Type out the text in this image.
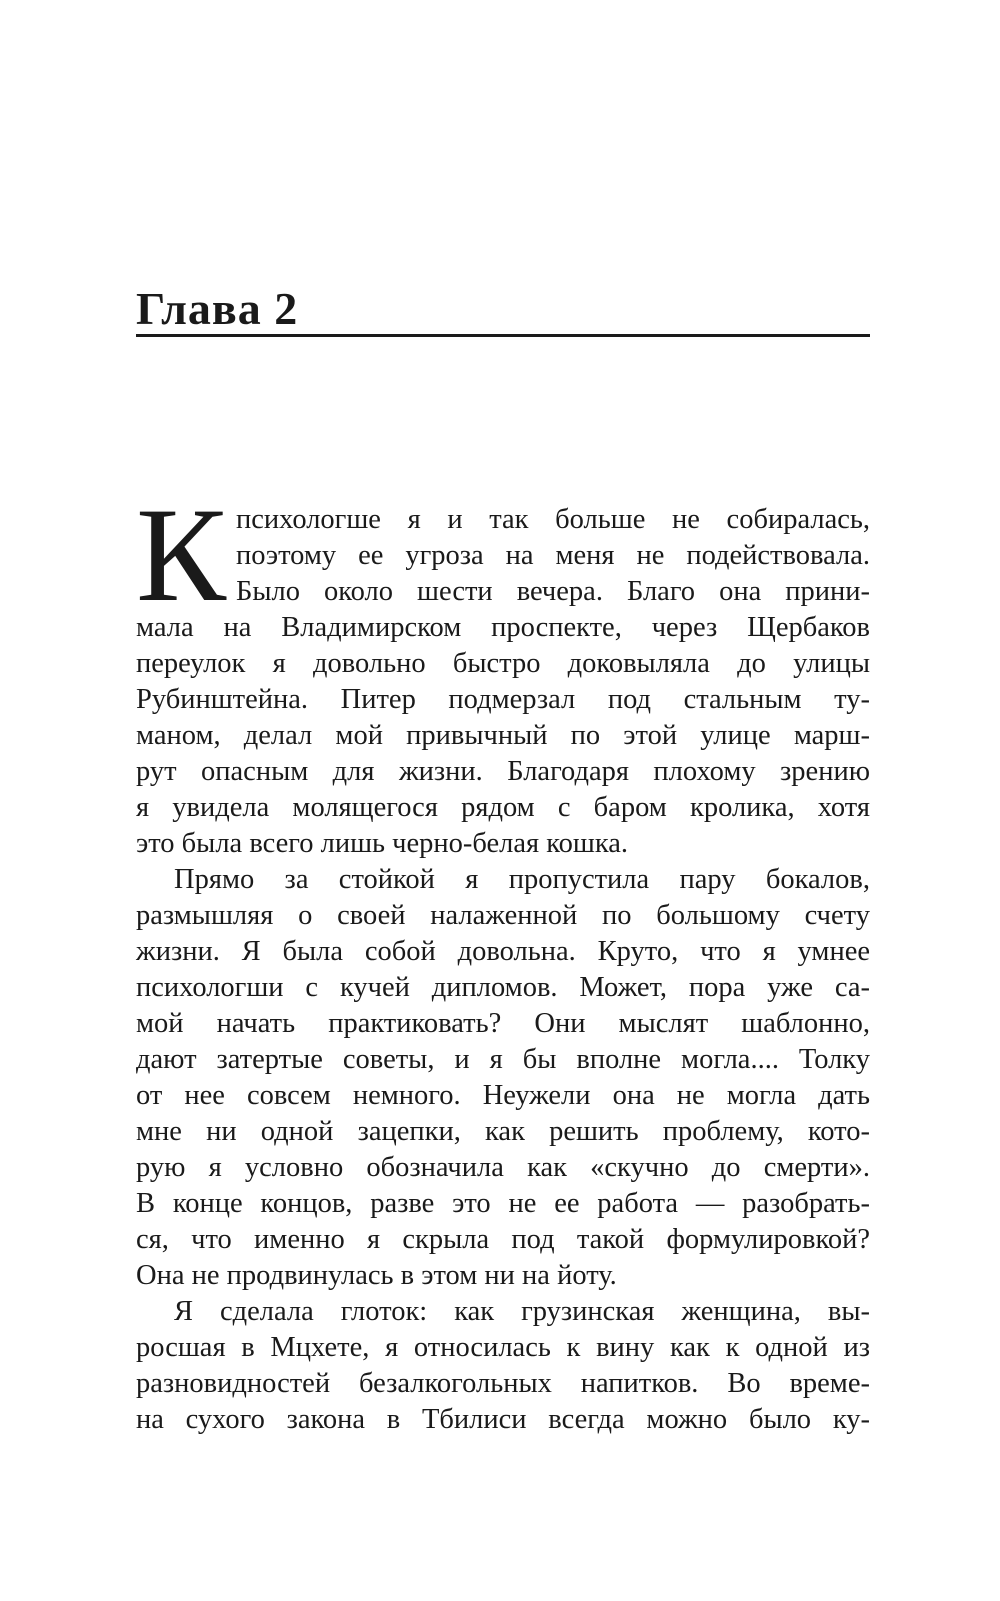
Глава 2
К психологше я и так больше не собиралась,
поэтому ее угроза на меня не подействовала.
Было около шести вечера. Благо она прини-
мала на Владимирском проспекте, через Щербаков
переулок я довольно быстро доковыляла до улицы
Рубинштейна. Питер подмерзал под стальным ту-
маном, делал мой привычный по этой улице марш-
рут опасным для жизни. Благодаря плохому зрению
я увидела молящегося рядом с баром кролика, хотя
это была всего лишь черно-белая кошка.
Прямо за стойкой я пропустила пару бокалов,
размышляя о своей налаженной по большому счету
жизни. Я была собой довольна. Круто, что я умнее
психологши с кучей дипломов. Может, пора уже са-
мой начать практиковать? Они мыслят шаблонно,
дают затертые советы, и я бы вполне могла.... Толку
от нее совсем немного. Неужели она не могла дать
мне ни одной зацепки, как решить проблему, кото-
рую я условно обозначила как «скучно до смерти».
В конце концов, разве это не ее работа — разобрать-
ся, что именно я скрыла под такой формулировкой?
Она не продвинулась в этом ни на йоту.
Я сделала глоток: как грузинская женщина, вы-
росшая в Мцхете, я относилась к вину как к одной из
разновидностей безалкогольных напитков. Во време-
на сухого закона в Тбилиси всегда можно было ку-
